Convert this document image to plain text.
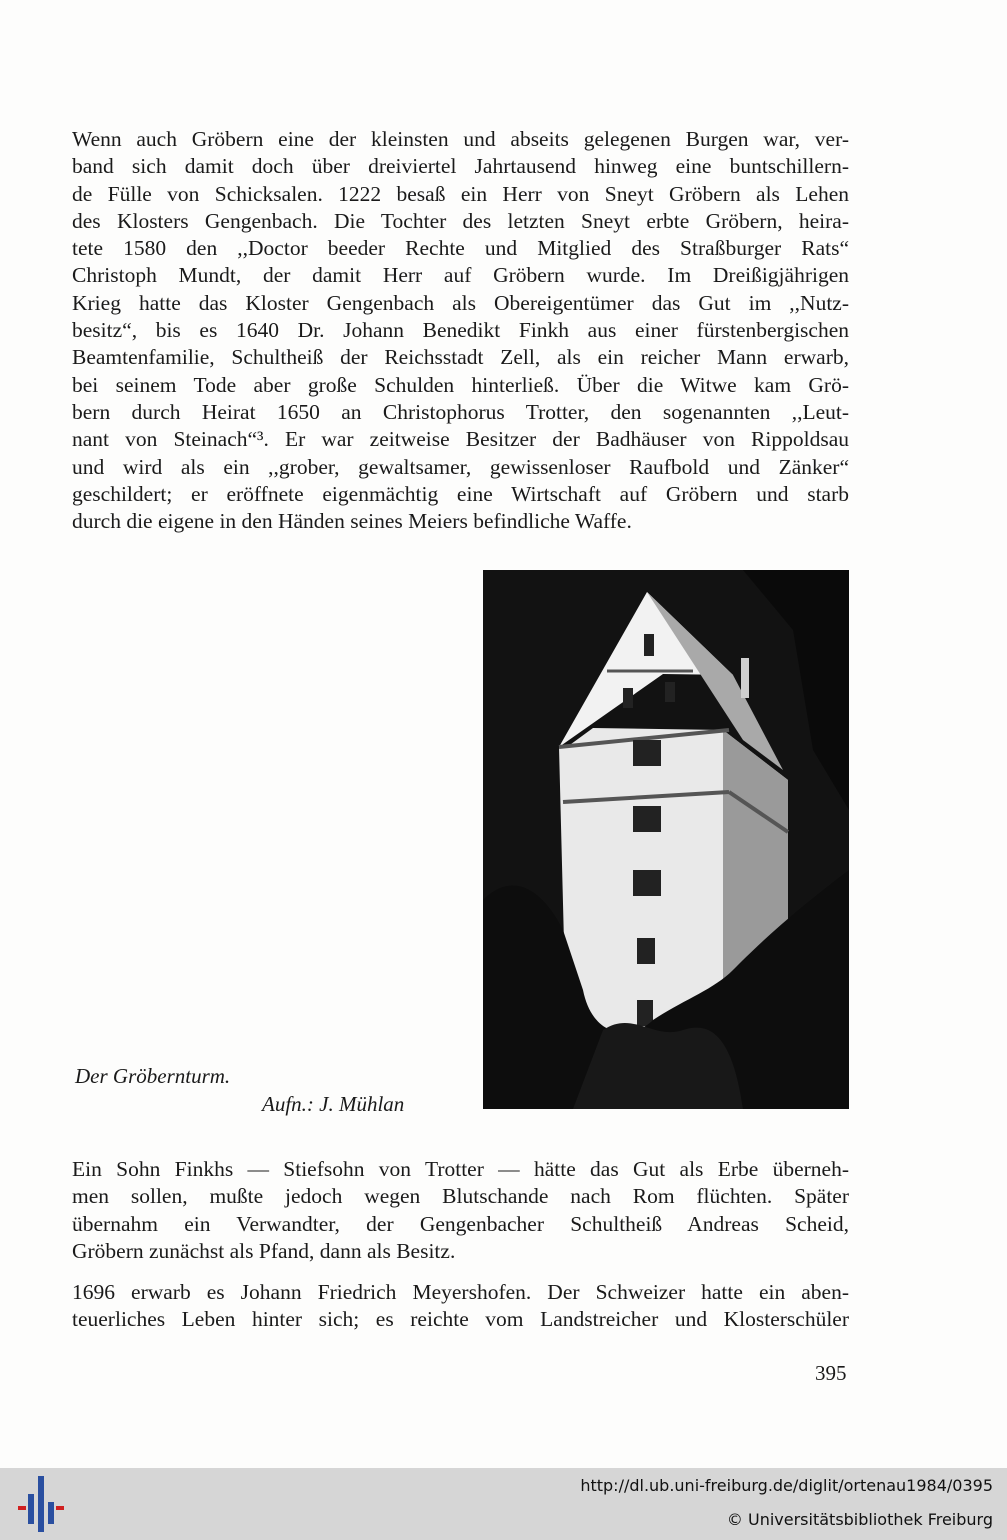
Wenn auch Gröbern eine der kleinsten und abseits gelegenen Burgen war, ver-
band sich damit doch über dreiviertel Jahrtausend hinweg eine buntschillern-
de Fülle von Schicksalen. 1222 besaß ein Herr von Sneyt Gröbern als Lehen
des Klosters Gengenbach. Die Tochter des letzten Sneyt erbte Gröbern, heira-
tete 1580 den ,,Doctor beeder Rechte und Mitglied des Straßburger Rats“
Christoph Mundt, der damit Herr auf Gröbern wurde. Im Dreißigjährigen
Krieg hatte das Kloster Gengenbach als Obereigentümer das Gut im ,,Nutz-
besitz“, bis es 1640 Dr. Johann Benedikt Finkh aus einer fürstenbergischen
Beamtenfamilie, Schultheiß der Reichsstadt Zell, als ein reicher Mann erwarb,
bei seinem Tode aber große Schulden hinterließ. Über die Witwe kam Grö-
bern durch Heirat 1650 an Christophorus Trotter, den sogenannten ,,Leut-
nant von Steinach“³. Er war zeitweise Besitzer der Badhäuser von Rippoldsau
und wird als ein ,,grober, gewaltsamer, gewissenloser Raufbold und Zänker“
geschildert; er eröffnete eigenmächtig eine Wirtschaft auf Gröbern und starb
durch die eigene in den Händen seines Meiers befindliche Waffe.

Der Gröbernturm.

Aufn.: J. Mühlan

Ein Sohn Finkhs — Stiefsohn von Trotter — hätte das Gut als Erbe überneh-
men sollen, mußte jedoch wegen Blutschande nach Rom flüchten. Später
übernahm ein Verwandter, der Gengenbacher Schultheiß Andreas Scheid,
Gröbern zunächst als Pfand, dann als Besitz.
1696 erwarb es Johann Friedrich Meyershofen. Der Schweizer hatte ein aben-
teuerliches Leben hinter sich; es reichte vom Landstreicher und Klosterschüler
395
http://dl.ub.uni-freiburg.de/diglit/ortenau1984/0395
© Universitätsbibliothek Freiburg
